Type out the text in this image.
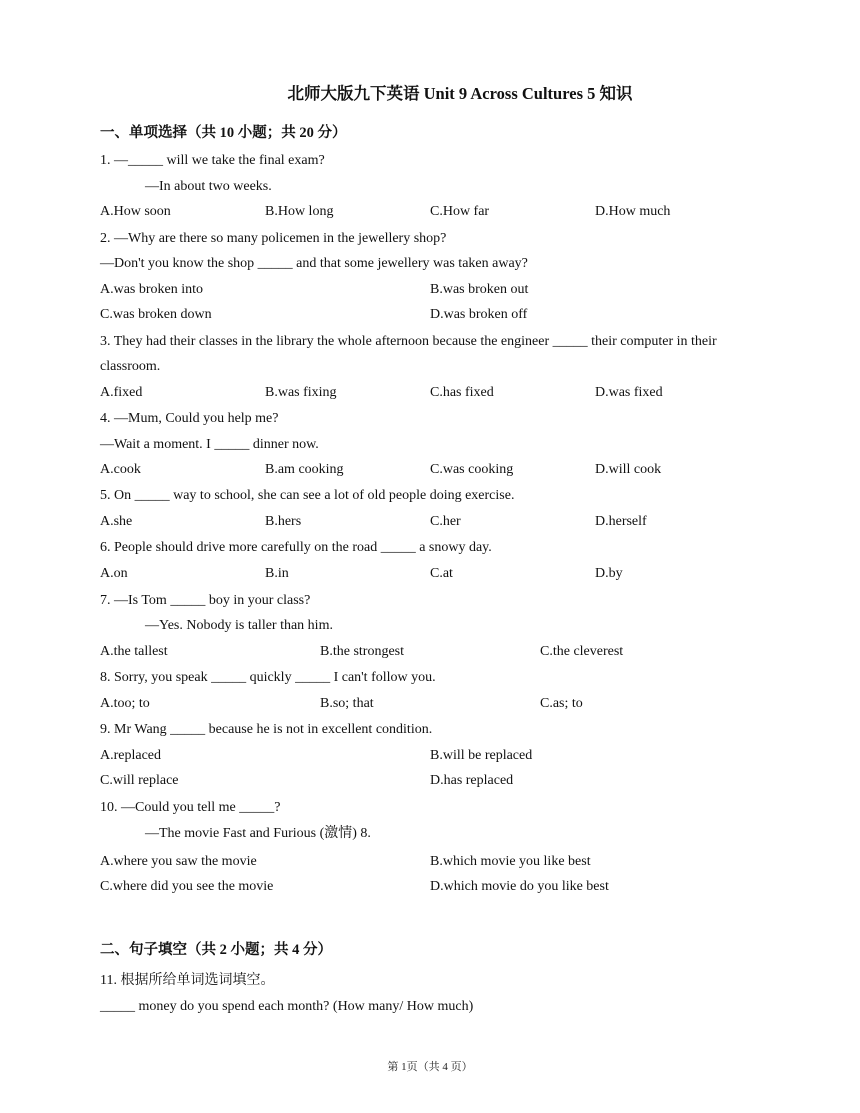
北师大版九下英语 Unit 9 Across Cultures 5 知识
一、单项选择（共 10 小题；共 20 分）
1. —_____ will we take the final exam?
—In about two weeks.
A.How soon	B.How long	C.How far	D.How much
2. —Why are there so many policemen in the jewellery shop?
—Don't you know the shop _____ and that some jewellery was taken away?
A.was broken into	B.was broken out
C.was broken down	D.was broken off
3. They had their classes in the library the whole afternoon because the engineer _____ their computer in their
classroom.
A.fixed	B.was fixing	C.has fixed	D.was fixed
4. —Mum, Could you help me?
—Wait a moment. I _____ dinner now.
A.cook	B.am cooking	C.was cooking	D.will cook
5. On _____ way to school, she can see a lot of old people doing exercise.
A.she	B.hers	C.her	D.herself
6. People should drive more carefully on the road _____ a snowy day.
A.on	B.in	C.at	D.by
7. —Is Tom _____ boy in your class?
—Yes. Nobody is taller than him.
A.the tallest	B.the strongest	C.the cleverest
8. Sorry, you speak _____ quickly _____ I can't follow you.
A.too; to	B.so; that	C.as; to
9. Mr Wang _____ because he is not in excellent condition.
A.replaced	B.will be replaced
C.will replace	D.has replaced
10. —Could you tell me _____?
—The movie Fast and Furious (激情) 8.
A.where you saw the movie	B.which movie you like best
C.where did you see the movie	D.which movie do you like best
二、句子填空（共 2 小题；共 4 分）
11. 根据所给单词选词填空。
_____ money do you spend each month? (How many/ How much)
第 1页（共 4 页）
